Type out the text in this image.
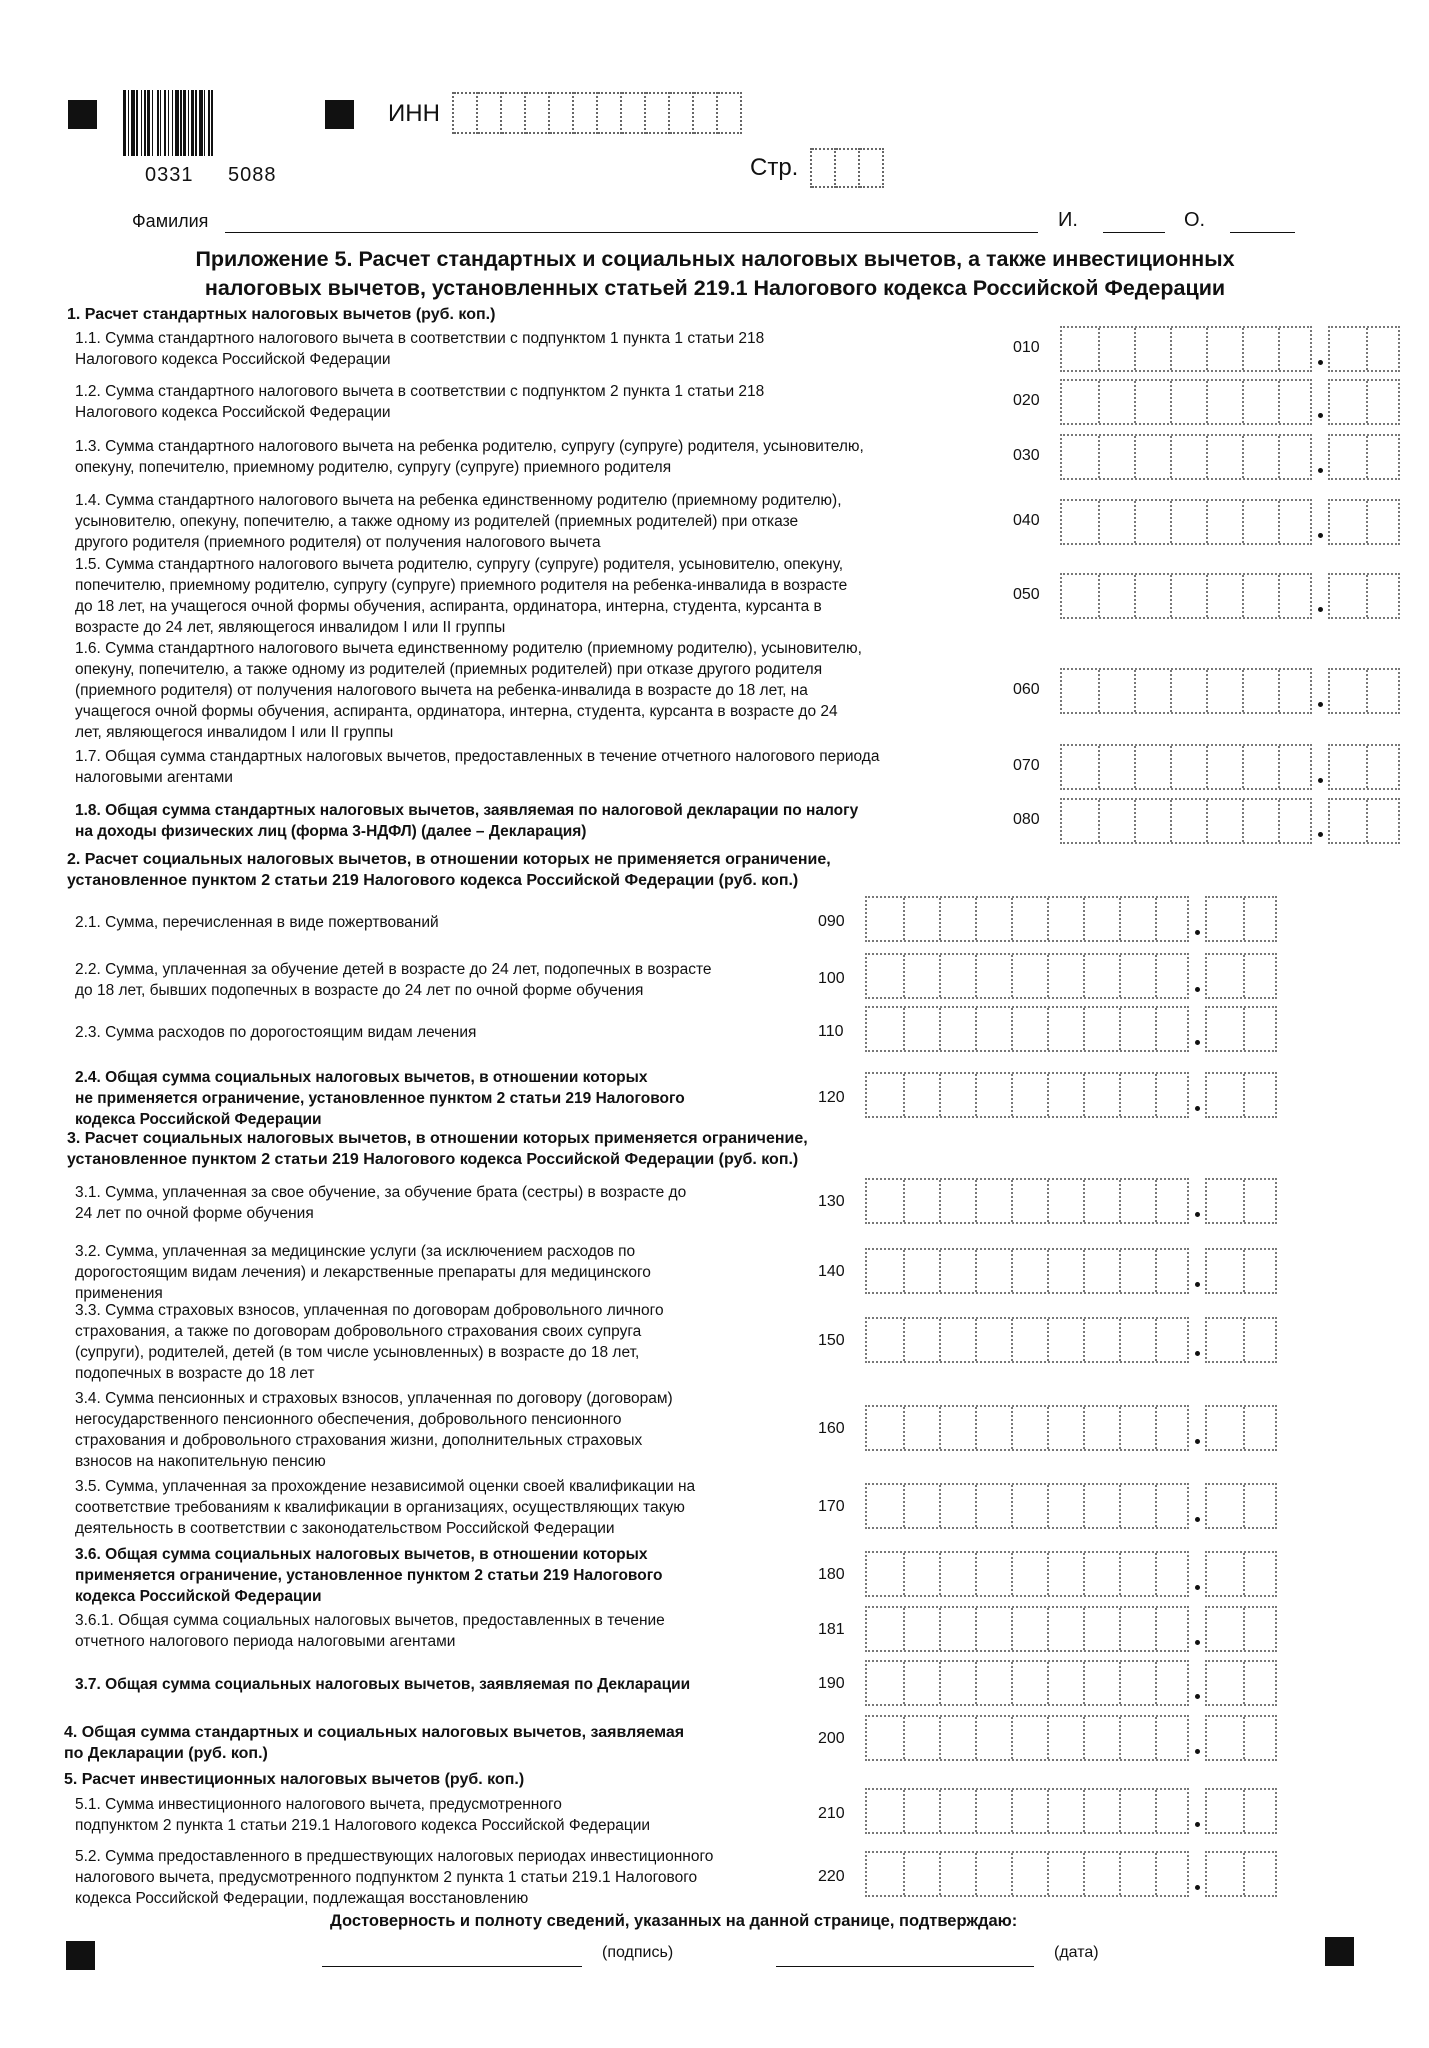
0331 5088
ИНН
Стр.
Фамилия	И.	О.
Приложение 5. Расчет стандартных и социальных налоговых вычетов, а также инвестиционных
налоговых вычетов, установленных статьей 219.1 Налогового кодекса Российской Федерации
1. Расчет стандартных налоговых вычетов (руб. коп.)
1.1. Сумма стандартного налогового вычета в соответствии с подпунктом 1 пункта 1 статьи 218
Налогового кодекса Российской Федерации
010
1.2. Сумма стандартного налогового вычета в соответствии с подпунктом 2 пункта 1 статьи 218
Налогового кодекса Российской Федерации
020
1.3. Сумма стандартного налогового вычета на ребенка родителю, супругу (супруге) родителя, усыновителю,
опекуну, попечителю, приемному родителю, супругу (супруге) приемного родителя
030
1.4. Сумма стандартного налогового вычета на ребенка единственному родителю (приемному родителю),
усыновителю, опекуну, попечителю, а также одному из родителей (приемных родителей) при отказе
другого родителя (приемного родителя) от получения налогового вычета
040
1.5. Сумма стандартного налогового вычета родителю, супругу (супруге) родителя, усыновителю, опекуну,
попечителю, приемному родителю, супругу (супруге) приемного родителя на ребенка-инвалида в возрасте
до 18 лет, на учащегося очной формы обучения, аспиранта, ординатора, интерна, студента, курсанта в
возрасте до 24 лет, являющегося инвалидом I или II группы
050
1.6. Сумма стандартного налогового вычета единственному родителю (приемному родителю), усыновителю,
опекуну, попечителю, а также одному из родителей (приемных родителей) при отказе другого родителя
(приемного родителя) от получения налогового вычета на ребенка-инвалида в возрасте до 18 лет, на
учащегося очной формы обучения, аспиранта, ординатора, интерна, студента, курсанта в возрасте до 24
лет, являющегося инвалидом I или II группы
060
1.7. Общая сумма стандартных налоговых вычетов, предоставленных в течение отчетного налогового периода
налоговыми агентами
070
1.8. Общая сумма стандартных налоговых вычетов, заявляемая по налоговой декларации по налогу
на доходы физических лиц (форма 3-НДФЛ) (далее – Декларация)
080
2. Расчет социальных налоговых вычетов, в отношении которых не применяется ограничение,
установленное пунктом 2 статьи 219 Налогового кодекса Российской Федерации (руб. коп.)
2.1. Сумма, перечисленная в виде пожертвований	090
2.2. Сумма, уплаченная за обучение детей в возрасте до 24 лет, подопечных в возрасте
до 18 лет, бывших подопечных в возрасте до 24 лет по очной форме обучения
100
2.3. Сумма расходов по дорогостоящим видам лечения	110
2.4. Общая сумма социальных налоговых вычетов, в отношении которых
не применяется ограничение, установленное пунктом 2 статьи 219 Налогового
кодекса Российской Федерации
120
3. Расчет социальных налоговых вычетов, в отношении которых применяется ограничение,
установленное пунктом 2 статьи 219 Налогового кодекса Российской Федерации (руб. коп.)
3.1. Сумма, уплаченная за свое обучение, за обучение брата (сестры) в возрасте до
24 лет по очной форме обучения
130
3.2. Сумма, уплаченная за медицинские услуги (за исключением расходов по
дорогостоящим видам лечения) и лекарственные препараты для медицинского
применения
140
3.3. Сумма страховых взносов, уплаченная по договорам добровольного личного
страхования, а также по договорам добровольного страхования своих супруга
(супруги), родителей, детей (в том числе усыновленных) в возрасте до 18 лет,
подопечных в возрасте до 18 лет
150
3.4. Сумма пенсионных и страховых взносов, уплаченная по договору (договорам)
негосударственного пенсионного обеспечения, добровольного пенсионного
страхования и добровольного страхования жизни, дополнительных страховых
взносов на накопительную пенсию
160
3.5. Сумма, уплаченная за прохождение независимой оценки своей квалификации на
соответствие требованиям к квалификации в организациях, осуществляющих такую
деятельность в соответствии с законодательством Российской Федерации
170
3.6. Общая сумма социальных налоговых вычетов, в отношении которых
применяется ограничение, установленное пунктом 2 статьи 219 Налогового
кодекса Российской Федерации
180
3.6.1. Общая сумма социальных налоговых вычетов, предоставленных в течение
отчетного налогового периода налоговыми агентами
181
3.7. Общая сумма социальных налоговых вычетов, заявляемая по Декларации	190
4. Общая сумма стандартных и социальных налоговых вычетов, заявляемая
по Декларации (руб. коп.)
200
5. Расчет инвестиционных налоговых вычетов (руб. коп.)
5.1. Сумма инвестиционного налогового вычета, предусмотренного
подпунктом 2 пункта 1 статьи 219.1 Налогового кодекса Российской Федерации
210
5.2. Сумма предоставленного в предшествующих налоговых периодах инвестиционного
налогового вычета, предусмотренного подпунктом 2 пункта 1 статьи 219.1 Налогового
кодекса Российской Федерации, подлежащая восстановлению
220
Достоверность и полноту сведений, указанных на данной странице, подтверждаю:
(подпись)	(дата)
